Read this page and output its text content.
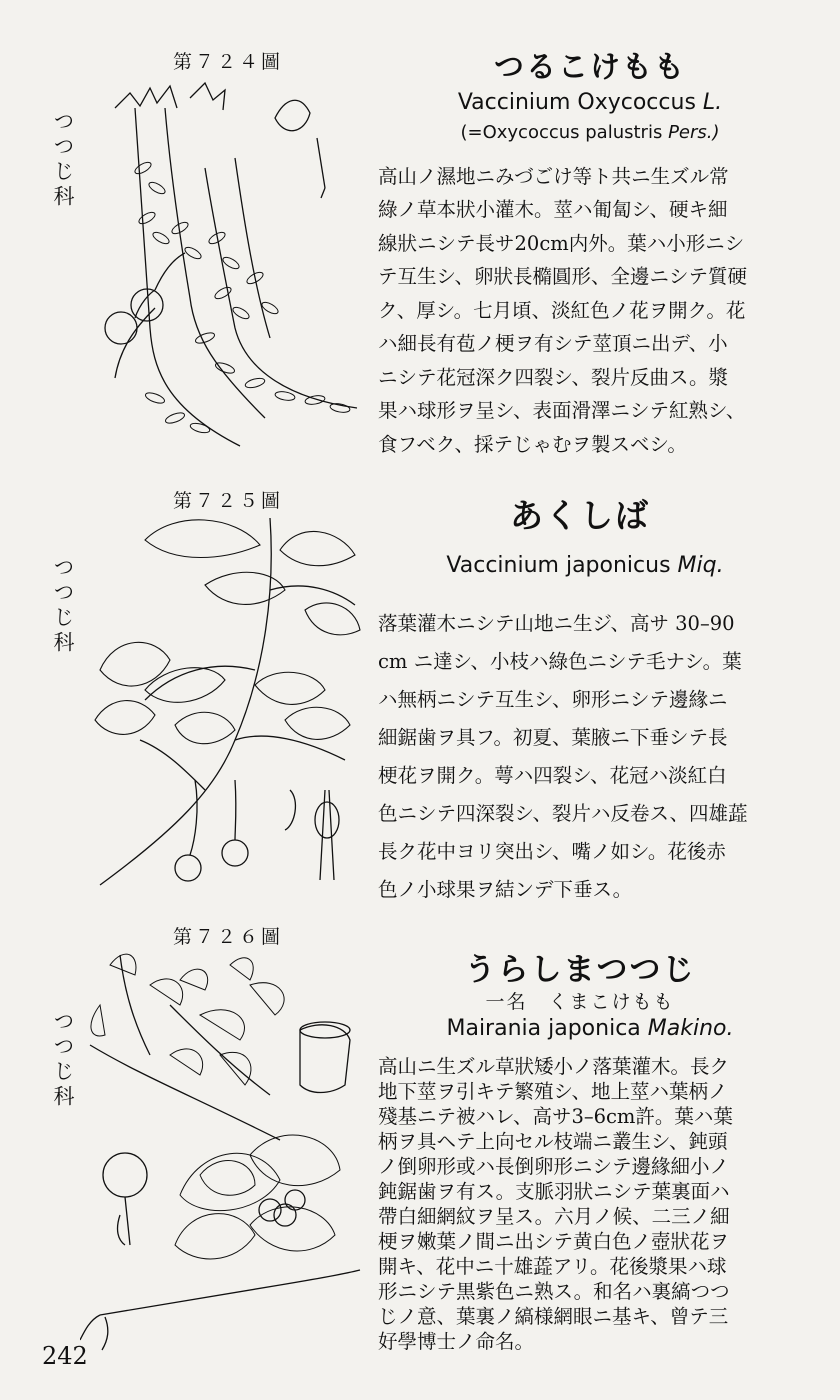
第７２４圖
つつじ科
つるこけもも
Vaccinium Oxycoccus L.
(=Oxycoccus palustris Pers.)
高山ノ濕地ニみづごけ等ト共ニ生ズル常
綠ノ草本狀小灌木。莖ハ匍匐シ、硬キ細
線狀ニシテ長サ20cm内外。葉ハ小形ニシ
テ互生シ、卵狀長橢圓形、全邊ニシテ質硬
ク、厚シ。七月頃、淡紅色ノ花ヲ開ク。花
ハ細長有苞ノ梗ヲ有シテ莖頂ニ出デ、小
ニシテ花冠深ク四裂シ、裂片反曲ス。漿
果ハ球形ヲ呈シ、表面滑澤ニシテ紅熟シ、
食フベク、採テじゃむヲ製スベシ。
第７２５圖
つつじ科
あくしば
Vaccinium japonicus Miq.
落葉灌木ニシテ山地ニ生ジ、高サ 30–90
cm ニ達シ、小枝ハ綠色ニシテ毛ナシ。葉
ハ無柄ニシテ互生シ、卵形ニシテ邊緣ニ
細鋸歯ヲ具フ。初夏、葉腋ニ下垂シテ長
梗花ヲ開ク。萼ハ四裂シ、花冠ハ淡紅白
色ニシテ四深裂シ、裂片ハ反卷ス、四雄蕋
長ク花中ヨリ突出シ、嘴ノ如シ。花後赤
色ノ小球果ヲ結ンデ下垂ス。
第７２６圖
つつじ科
うらしまつつじ
一名　くまこけもも
Mairania japonica Makino.
高山ニ生ズル草狀矮小ノ落葉灌木。長ク
地下莖ヲ引キテ繁殖シ、地上莖ハ葉柄ノ
殘基ニテ被ハレ、高サ3–6cm許。葉ハ葉
柄ヲ具ヘテ上向セル枝端ニ叢生シ、鈍頭
ノ倒卵形或ハ長倒卵形ニシテ邊緣細小ノ
鈍鋸歯ヲ有ス。支脈羽狀ニシテ葉裏面ハ
帶白細網紋ヲ呈ス。六月ノ候、二三ノ細
梗ヲ嫩葉ノ間ニ出シテ黄白色ノ壺狀花ヲ
開キ、花中ニ十雄蕋アリ。花後漿果ハ球
形ニシテ黒紫色ニ熟ス。和名ハ裏縞つつ
じノ意、葉裏ノ縞様網眼ニ基キ、曾テ三
好學博士ノ命名。
242
